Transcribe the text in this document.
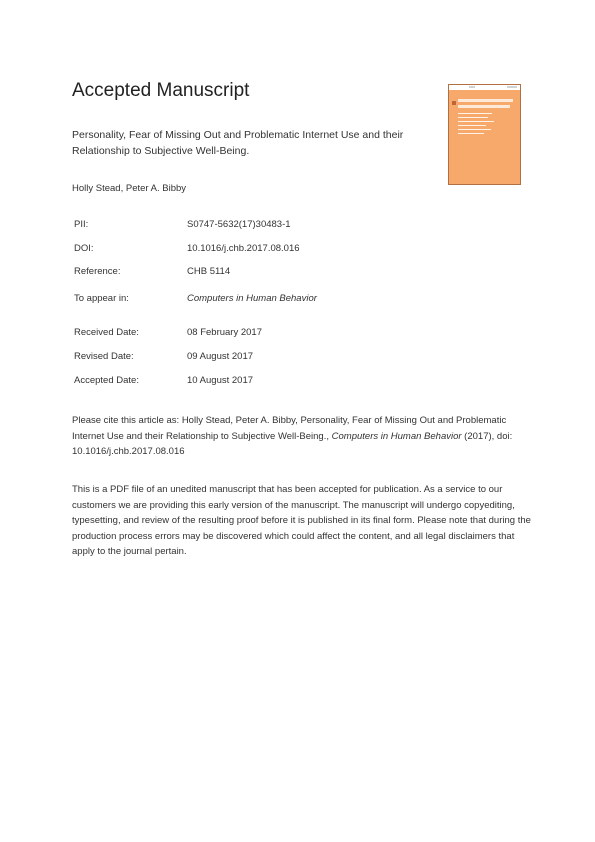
Accepted Manuscript
Personality, Fear of Missing Out and Problematic Internet Use and their Relationship to Subjective Well-Being.
Holly Stead, Peter A. Bibby
PII:	S0747-5632(17)30483-1
DOI:	10.1016/j.chb.2017.08.016
Reference:	CHB 5114
To appear in:	Computers in Human Behavior
Received Date:	08 February 2017
Revised Date:	09 August 2017
Accepted Date:	10 August 2017
Please cite this article as: Holly Stead, Peter A. Bibby, Personality, Fear of Missing Out and Problematic Internet Use and their Relationship to Subjective Well-Being., Computers in Human Behavior (2017), doi: 10.1016/j.chb.2017.08.016
This is a PDF file of an unedited manuscript that has been accepted for publication. As a service to our customers we are providing this early version of the manuscript. The manuscript will undergo copyediting, typesetting, and review of the resulting proof before it is published in its final form. Please note that during the production process errors may be discovered which could affect the content, and all legal disclaimers that apply to the journal pertain.
